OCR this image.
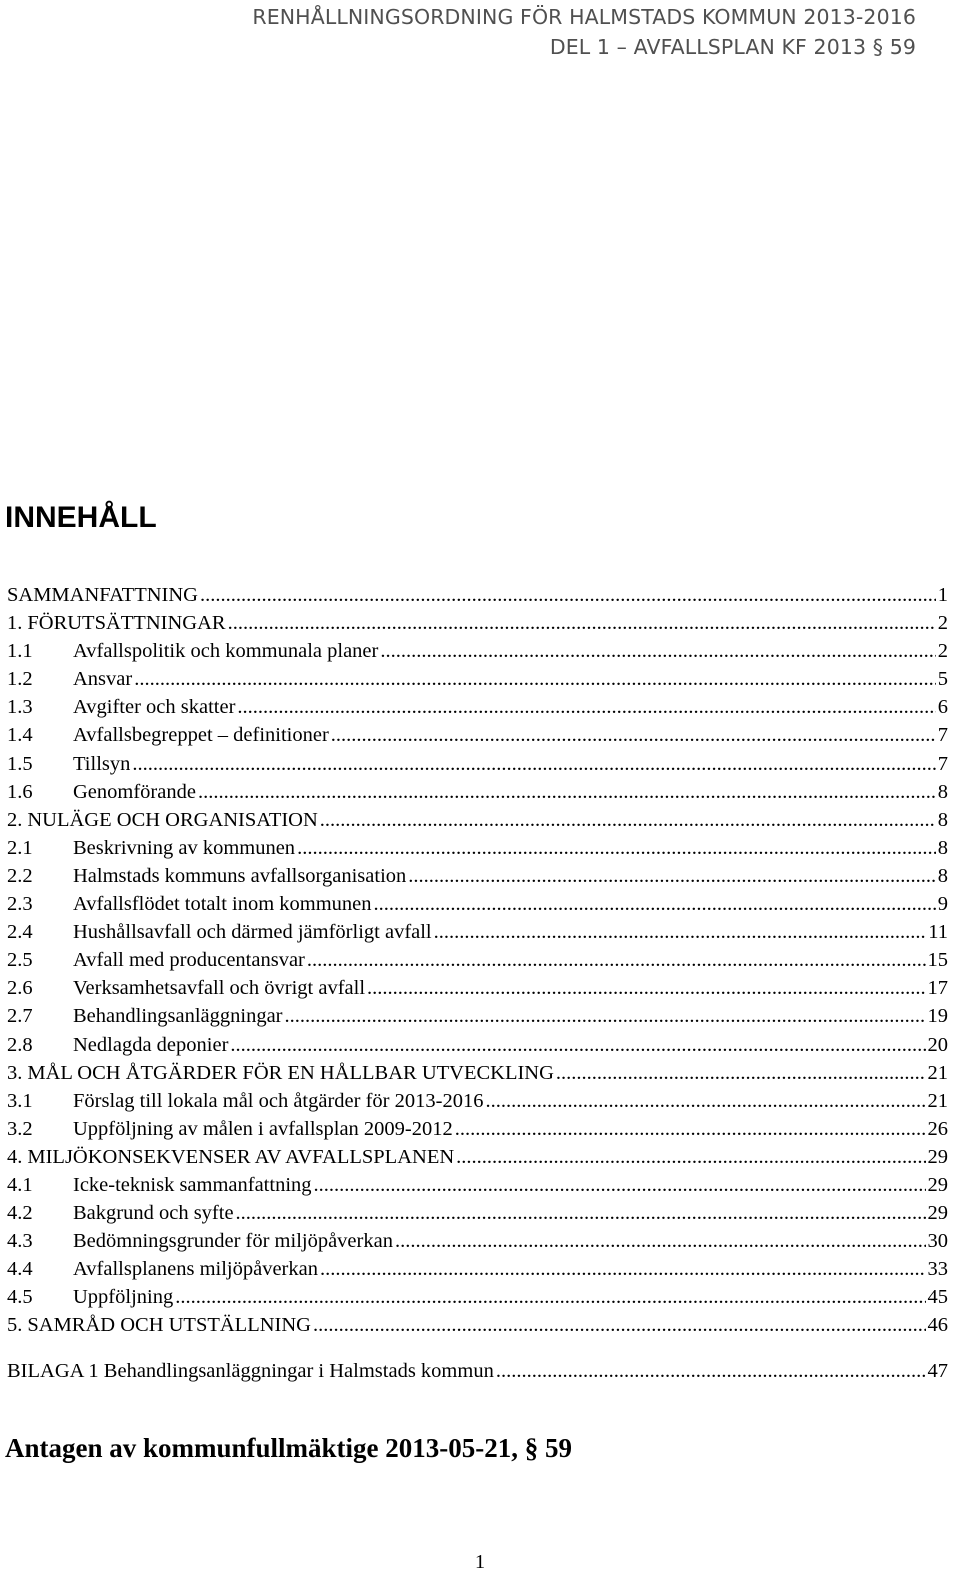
RENHÅLLNINGSORDNING FÖR HALMSTADS KOMMUN 2013-2016
DEL 1 – AVFALLSPLAN KF 2013 § 59
INNEHÅLL
SAMMANFATTNING .....	1
1. FÖRUTSÄTTNINGAR .....	2
1.1	Avfallspolitik och kommunala planer .....	2
1.2	Ansvar .....	5
1.3	Avgifter och skatter .....	6
1.4	Avfallsbegreppet – definitioner .....	7
1.5	Tillsyn .....	7
1.6	Genomförande .....	8
2. NULÄGE OCH ORGANISATION .....	8
2.1	Beskrivning av kommunen .....	8
2.2	Halmstads kommuns avfallsorganisation .....	8
2.3	Avfallsflödet totalt inom kommunen .....	9
2.4	Hushållsavfall och därmed jämförligt avfall .....	11
2.5	Avfall med producentansvar .....	15
2.6	Verksamhetsavfall och övrigt avfall .....	17
2.7	Behandlingsanläggningar .....	19
2.8	Nedlagda deponier .....	20
3. MÅL OCH ÅTGÄRDER FÖR EN HÅLLBAR UTVECKLING .....	21
3.1	Förslag till lokala mål och åtgärder för 2013-2016 .....	21
3.2	Uppföljning av målen i avfallsplan 2009-2012 .....	26
4. MILJÖKONSEKVENSER AV AVFALLSPLANEN .....	29
4.1	Icke-teknisk sammanfattning .....	29
4.2	Bakgrund och syfte .....	29
4.3	Bedömningsgrunder för miljöpåverkan .....	30
4.4	Avfallsplanens miljöpåverkan .....	33
4.5	Uppföljning .....	45
5. SAMRÅD OCH UTSTÄLLNING .....	46
BILAGA 1 Behandlingsanläggningar i Halmstads kommun .....	47
Antagen av kommunfullmäktige 2013-05-21, § 59
1
